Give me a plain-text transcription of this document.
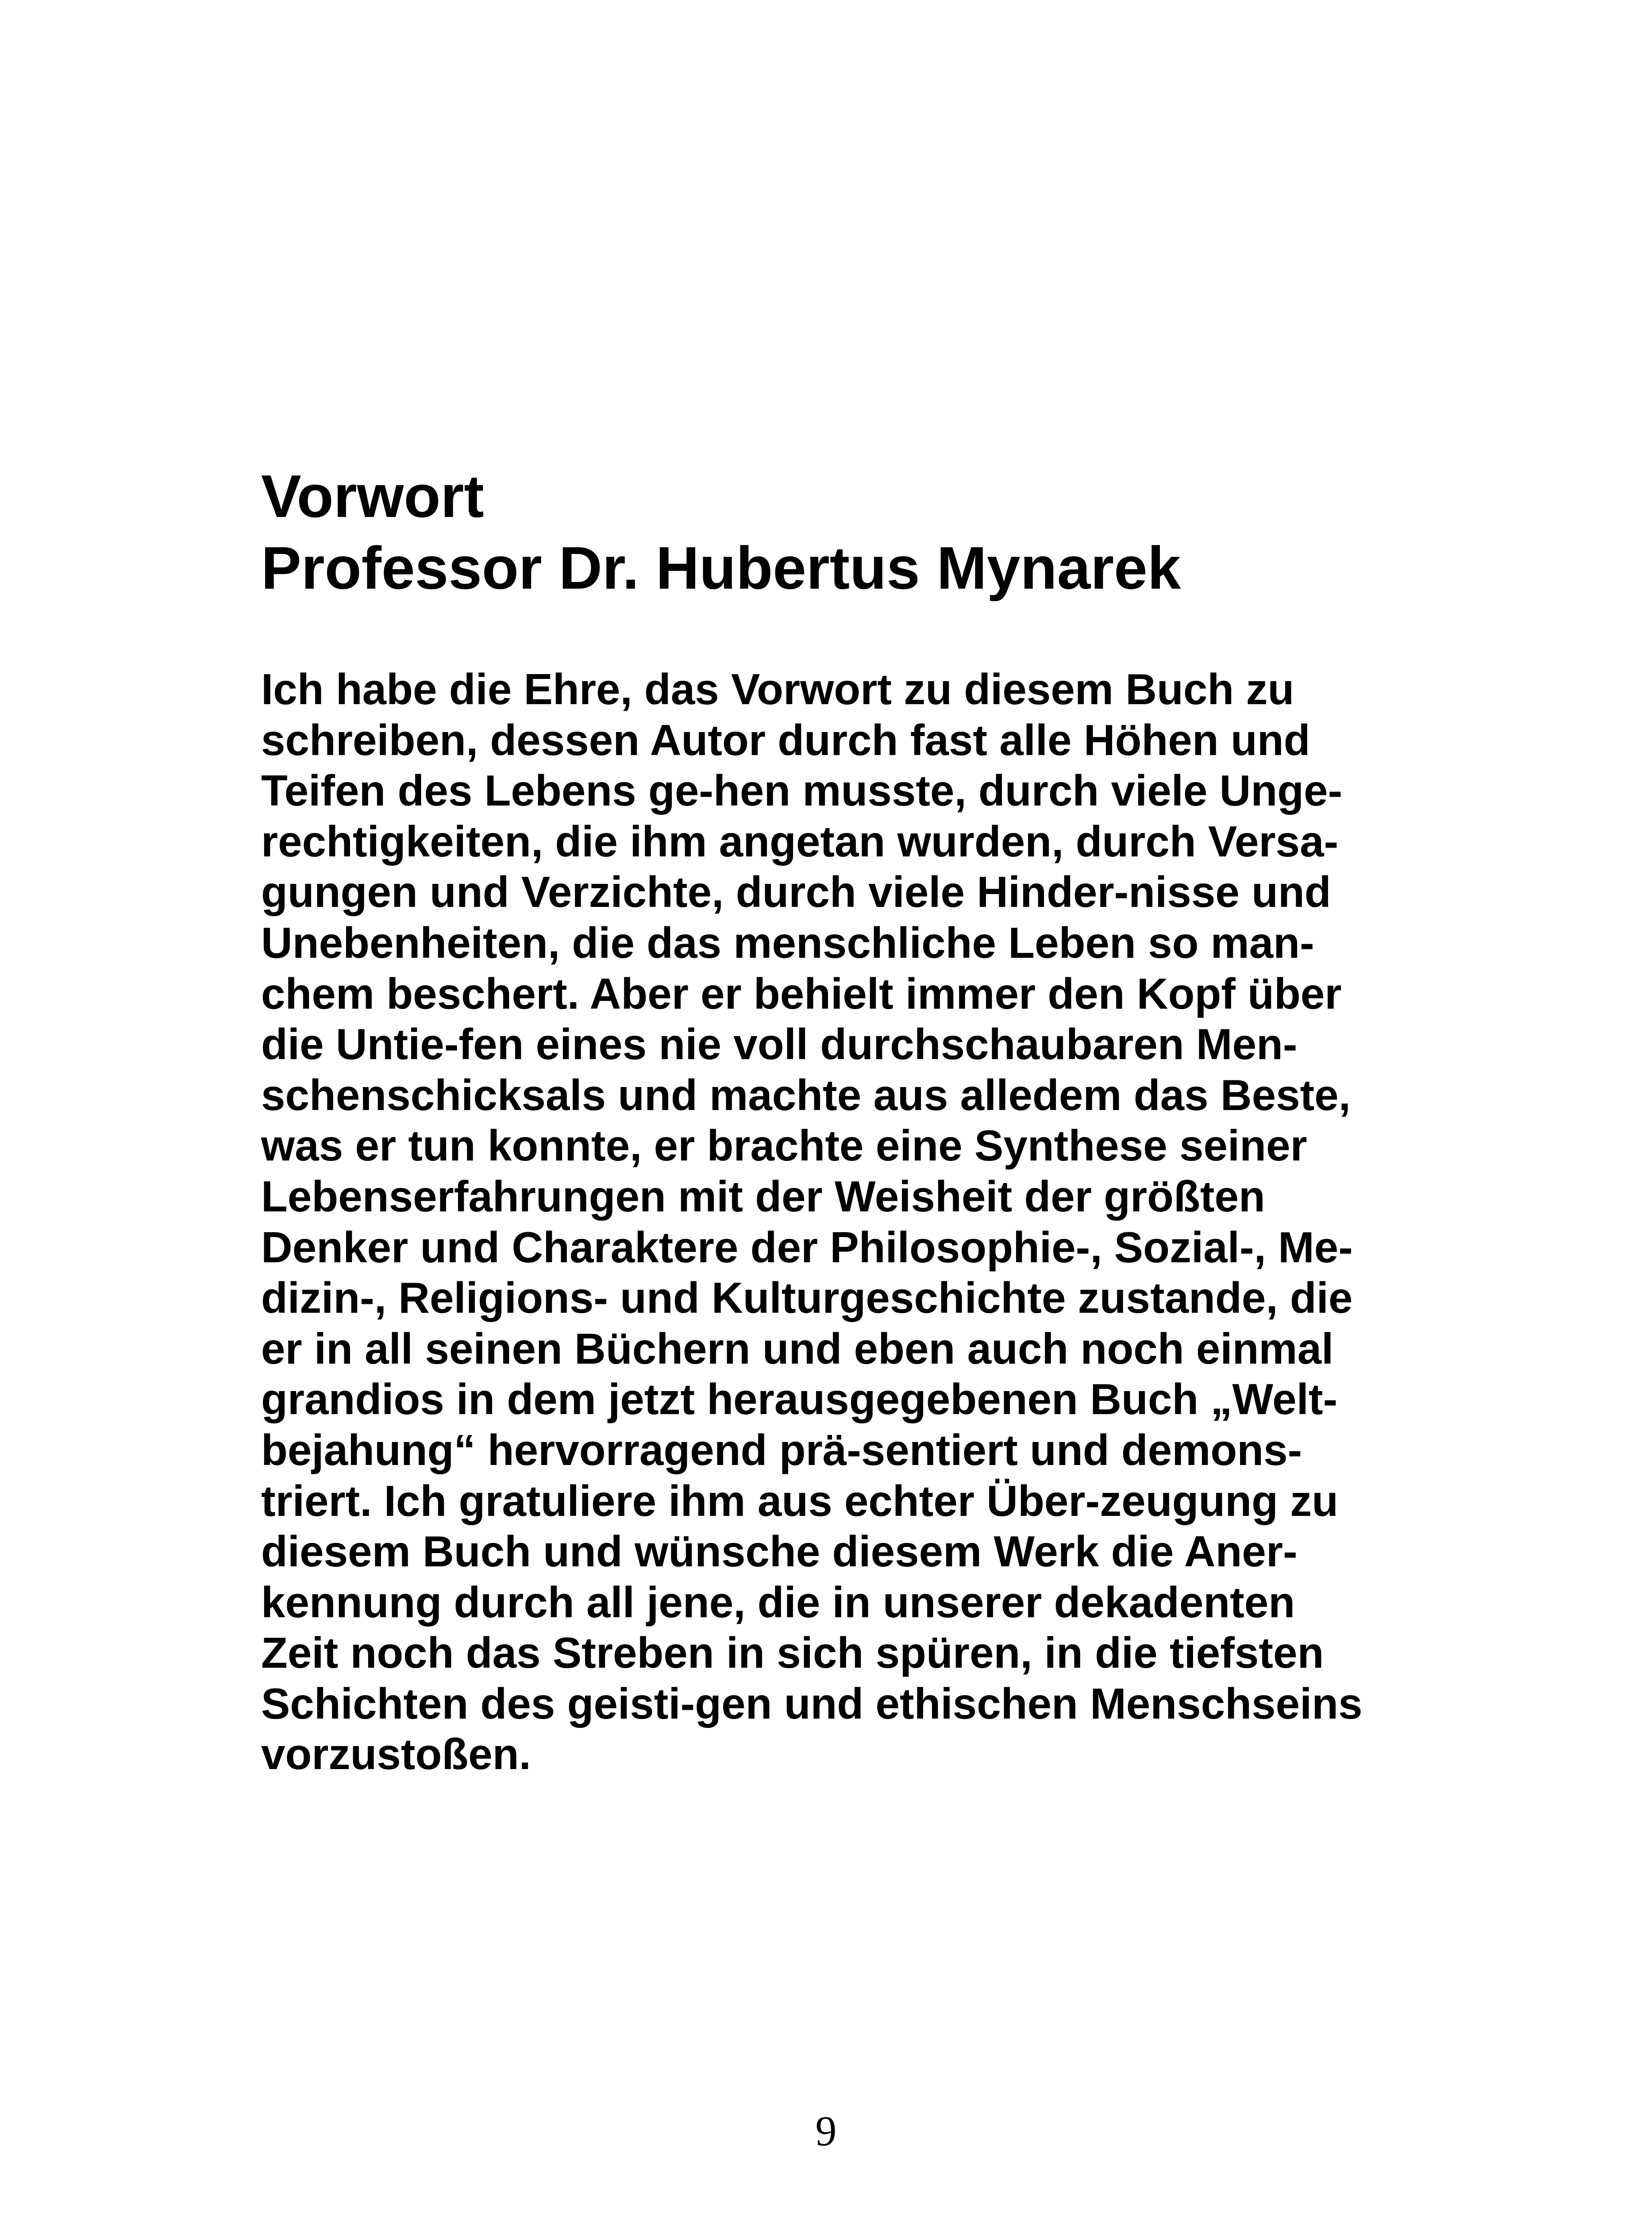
Vorwort
Professor Dr. Hubertus Mynarek
Ich habe die Ehre, das Vorwort zu diesem Buch zu
schreiben, dessen Autor durch fast alle Höhen und
Teifen des Lebens ge-hen musste, durch viele Unge-
rechtigkeiten, die ihm angetan wurden, durch Versa-
gungen und Verzichte, durch viele Hinder-nisse und
Unebenheiten, die das menschliche Leben so man-
chem beschert. Aber er behielt immer den Kopf über
die Untie-fen eines nie voll durchschaubaren Men-
schenschicksals und machte aus alledem das Beste,
was er tun konnte, er brachte eine Synthese seiner
Lebenserfahrungen mit der Weisheit der größten
Denker und Charaktere der Philosophie-, Sozial-, Me-
dizin-, Religions- und Kulturgeschichte zustande, die
er in all seinen Büchern und eben auch noch einmal
grandios in dem jetzt herausgegebenen Buch „Welt-
bejahung“ hervorragend prä-sentiert und demons-
triert. Ich gratuliere ihm aus echter Über-zeugung zu
diesem Buch und wünsche diesem Werk die Aner-
kennung durch all jene, die in unserer dekadenten
Zeit noch das Streben in sich spüren, in die tiefsten
Schichten des geisti-gen und ethischen Menschseins
vorzustoßen.
9
